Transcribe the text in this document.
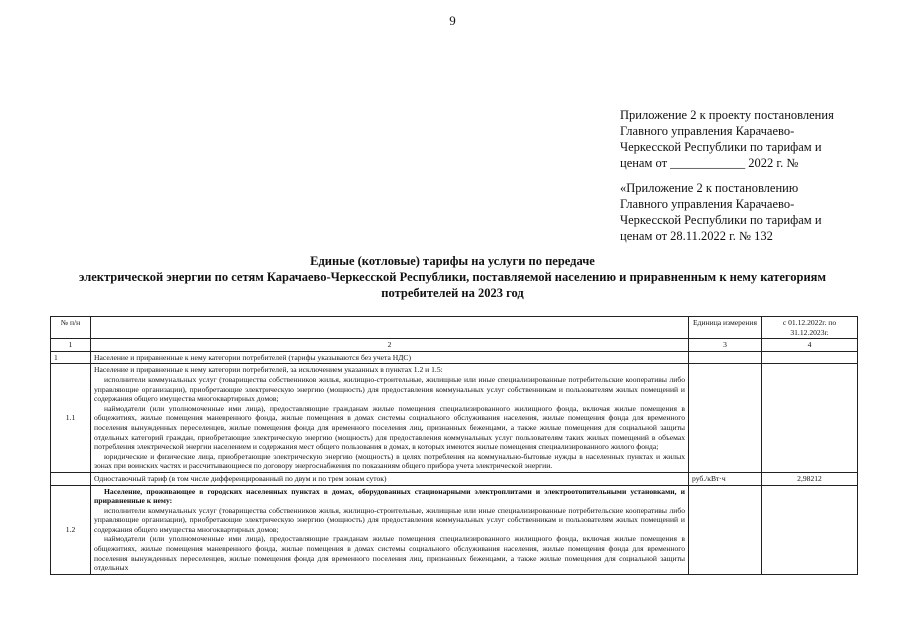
9
Приложение 2 к проекту постановления
Главного управления Карачаево-
Черкесской Республики по тарифам и
ценам от ____________ 2022 г. №
«Приложение 2 к постановлению
Главного управления Карачаево-
Черкесской Республики по тарифам и
ценам от 28.11.2022 г. № 132
Единые (котловые) тарифы на услуги по передаче
электрической энергии по сетям Карачаево-Черкесской Республики, поставляемой населению и приравненным к нему категориям
потребителей на 2023 год
№ п/н		Единица измерения	с 01.12.2022г. по 31.12.2023г.
1	2	3	4
1	Население и приравненные к нему категории потребителей (тарифы указываются без учета НДС)		
1.1	Население и приравненные к нему категории потребителей, за исключением указанных в пунктах 1.2 и 1.5:
исполнители коммунальных услуг (товарищества собственников жилья, жилищно-строительные, жилищные или иные специализированные потребительские кооперативы либо управляющие организации), приобретающие электрическую энергию (мощность) для предоставления коммунальных услуг собственникам и пользователям жилых помещений и содержания общего имущества многоквартирных домов;
наймодатели (или уполномоченные ими лица), предоставляющие гражданам жилые помещения специализированного жилищного фонда, включая жилые помещения в общежитиях, жилые помещения маневренного фонда, жилые помещения в домах системы социального обслуживания населения, жилые помещения фонда для временного поселения вынужденных переселенцев, жилые помещения фонда для временного поселения лиц, признанных беженцами, а также жилые помещения для социальной защиты отдельных категорий граждан, приобретающие электрическую энергию (мощность) для предоставления коммунальных услуг пользователям таких жилых помещений в объемах потребления электрической энергии населением и содержания мест общего пользования в домах, в которых имеются жилые помещения специализированного жилого фонда;
юридические и физические лица, приобретающие электрическую энергию (мощность) в целях потребления на коммунально-бытовые нужды в населенных пунктах и жилых зонах при воинских частях и рассчитывающиеся по договору энергоснабжения по показаниям общего прибора учета электрической энергии.		

	Одноставочный тариф (в том числе дифференцированный по двум и по трем зонам суток)	руб./кВт·ч	2,98212
1.2	Население, проживающее в городских населенных пунктах в домах, оборудованных стационарными электроплитами и электроотопительными установками, и приравненные к нему:
исполнители коммунальных услуг (товарищества собственников жилья, жилищно-строительные, жилищные или иные специализированные потребительские кооперативы либо управляющие организации), приобретающие электрическую энергию (мощность) для предоставления коммунальных услуг собственникам и пользователям жилых помещений и содержания общего имущества многоквартирных домов;
наймодатели (или уполномоченные ими лица), предоставляющие гражданам жилые помещения специализированного жилищного фонда, включая жилые помещения в общежитиях, жилые помещения маневренного фонда, жилые помещения в домах системы социального обслуживания населения, жилые помещения фонда для временного поселения вынужденных переселенцев, жилые помещения фонда для временного поселения лиц, признанных беженцами, а также жилые помещения для социальной защиты отдельных		
